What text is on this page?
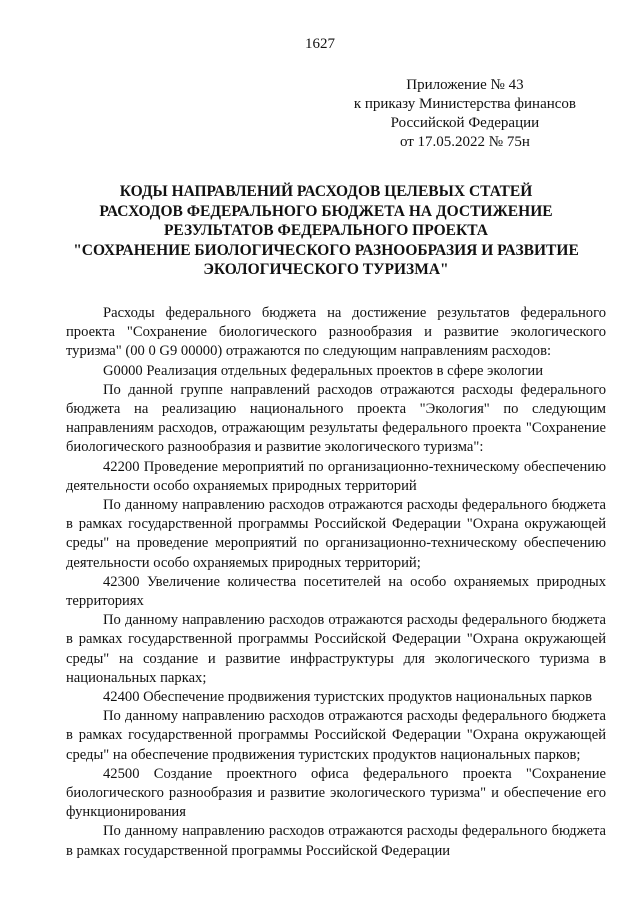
1627
Приложение № 43
к приказу Министерства финансов
Российской Федерации
от 17.05.2022 № 75н
КОДЫ НАПРАВЛЕНИЙ РАСХОДОВ ЦЕЛЕВЫХ СТАТЕЙ
РАСХОДОВ ФЕДЕРАЛЬНОГО БЮДЖЕТА НА ДОСТИЖЕНИЕ
РЕЗУЛЬТАТОВ ФЕДЕРАЛЬНОГО ПРОЕКТА
"СОХРАНЕНИЕ БИОЛОГИЧЕСКОГО РАЗНООБРАЗИЯ И РАЗВИТИЕ
ЭКОЛОГИЧЕСКОГО ТУРИЗМА"

Расходы федерального бюджета на достижение результатов федерального проекта "Сохранение биологического разнообразия и развитие экологического туризма" (00 0 G9 00000) отражаются по следующим направлениям расходов:

G0000 Реализация отдельных федеральных проектов в сфере экологии

По данной группе направлений расходов отражаются расходы федерального бюджета на реализацию национального проекта "Экология" по следующим направлениям расходов, отражающим результаты федерального проекта "Сохранение биологического разнообразия и развитие экологического туризма":

42200 Проведение мероприятий по организационно-техническому обеспечению деятельности особо охраняемых природных территорий

По данному направлению расходов отражаются расходы федерального бюджета в рамках государственной программы Российской Федерации "Охрана окружающей среды" на проведение мероприятий по организационно-техническому обеспечению деятельности особо охраняемых природных территорий;

42300 Увеличение количества посетителей на особо охраняемых природных территориях

По данному направлению расходов отражаются расходы федерального бюджета в рамках государственной программы Российской Федерации "Охрана окружающей среды" на создание и развитие инфраструктуры для экологического туризма в национальных парках;

42400 Обеспечение продвижения туристских продуктов национальных парков

По данному направлению расходов отражаются расходы федерального бюджета в рамках государственной программы Российской Федерации "Охрана окружающей среды" на обеспечение продвижения туристских продуктов национальных парков;

42500 Создание проектного офиса федерального проекта "Сохранение биологического разнообразия и развитие экологического туризма" и обеспечение его функционирования

По данному направлению расходов отражаются расходы федерального бюджета в рамках государственной программы Российской Федерации
